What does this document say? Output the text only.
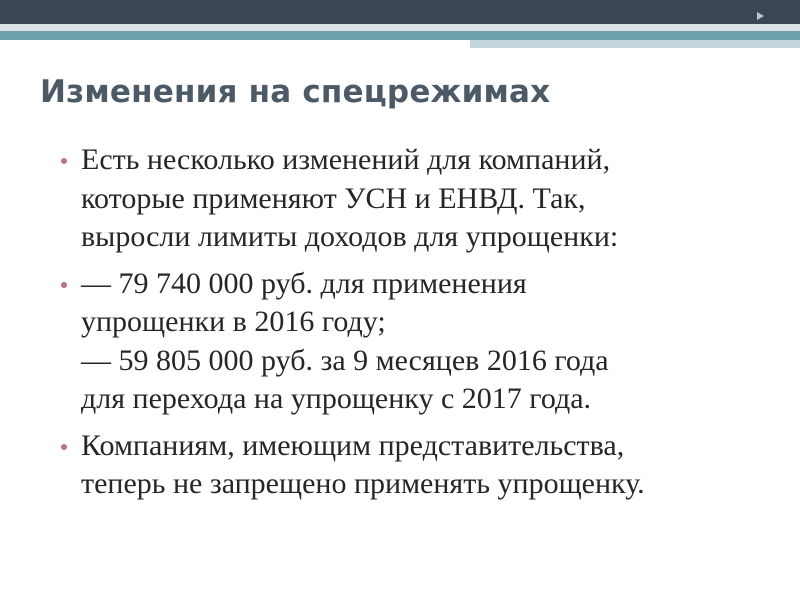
Изменения на спецрежимах
Есть несколько изменений для компаний,
которые применяют УСН и ЕНВД. Так,
выросли лимиты доходов для упрощенки:
— 79 740 000 руб. для применения
упрощенки в 2016 году;
— 59 805 000 руб. за 9 месяцев 2016 года
для перехода на упрощенку с 2017 года.
Компаниям, имеющим представительства,
теперь не запрещено применять упрощенку.
